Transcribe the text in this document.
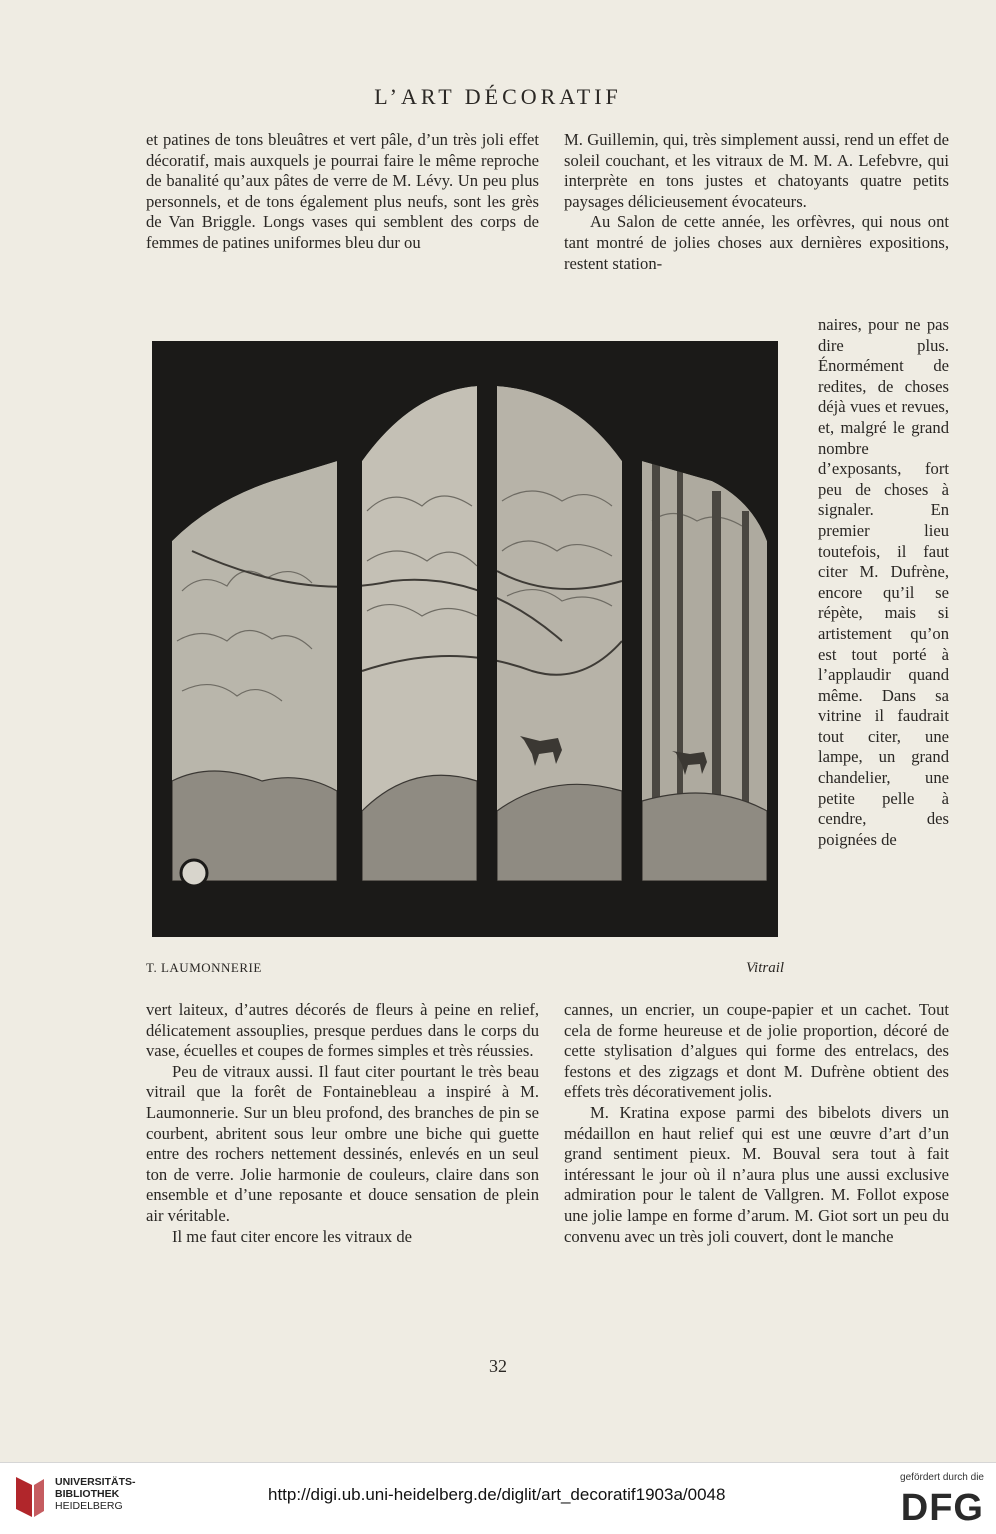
L’ART DÉCORATIF

et patines de tons bleuâtres et vert pâle, d’un très joli effet décoratif, mais auxquels je pourrai faire le même reproche de banalité qu’aux pâtes de verre de M. Lévy. Un peu plus personnels, et de tons également plus neufs, sont les grès de Van Briggle. Longs vases qui semblent des corps de femmes de patines uniformes bleu dur ou

M. Guillemin, qui, très simplement aussi, rend un effet de soleil couchant, et les vitraux de M. M. A. Lefebvre, qui interprète en tons justes et chatoyants quatre petits paysages délicieusement évocateurs.

Au Salon de cette année, les orfèvres, qui nous ont tant montré de jolies choses aux dernières expositions, restent station-

naires, pour ne pas dire plus. Énormément de redites, de choses déjà vues et revues, et, malgré le grand nombre d’exposants, fort peu de choses à signaler. En premier lieu toutefois, il faut citer M. Dufrène, encore qu’il se répète, mais si artistement qu’on est tout porté à l’applaudir quand même. Dans sa vitrine il faudrait tout citer, une lampe, un grand chandelier, une petite pelle à cendre, des poignées de

T. LAUMONNERIE	Vitrail

vert laiteux, d’autres décorés de fleurs à peine en relief, délicatement assouplies, presque perdues dans le corps du vase, écuelles et coupes de formes simples et très réussies.

Peu de vitraux aussi. Il faut citer pourtant le très beau vitrail que la forêt de Fontainebleau a inspiré à M. Laumonnerie. Sur un bleu profond, des branches de pin se courbent, abritent sous leur ombre une biche qui guette entre des rochers nettement dessinés, enlevés en un seul ton de verre. Jolie harmonie de couleurs, claire dans son ensemble et d’une reposante et douce sensation de plein air véritable.

Il me faut citer encore les vitraux de

cannes, un encrier, un coupe-papier et un cachet. Tout cela de forme heureuse et de jolie proportion, décoré de cette stylisation d’algues qui forme des entrelacs, des festons et des zigzags et dont M. Dufrène obtient des effets très décorativement jolis.

M. Kratina expose parmi des bibelots divers un médaillon en haut relief qui est une œuvre d’art d’un grand sentiment pieux. M. Bouval sera tout à fait intéressant le jour où il n’aura plus une aussi exclusive admiration pour le talent de Vallgren. M. Follot expose une jolie lampe en forme d’arum. M. Giot sort un peu du convenu avec un très joli couvert, dont le manche

32
UNIVERSITÄTS-
BIBLIOTHEK
HEIDELBERG
http://digi.ub.uni-heidelberg.de/diglit/art_decoratif1903a/0048
gefördert durch die
DFG
